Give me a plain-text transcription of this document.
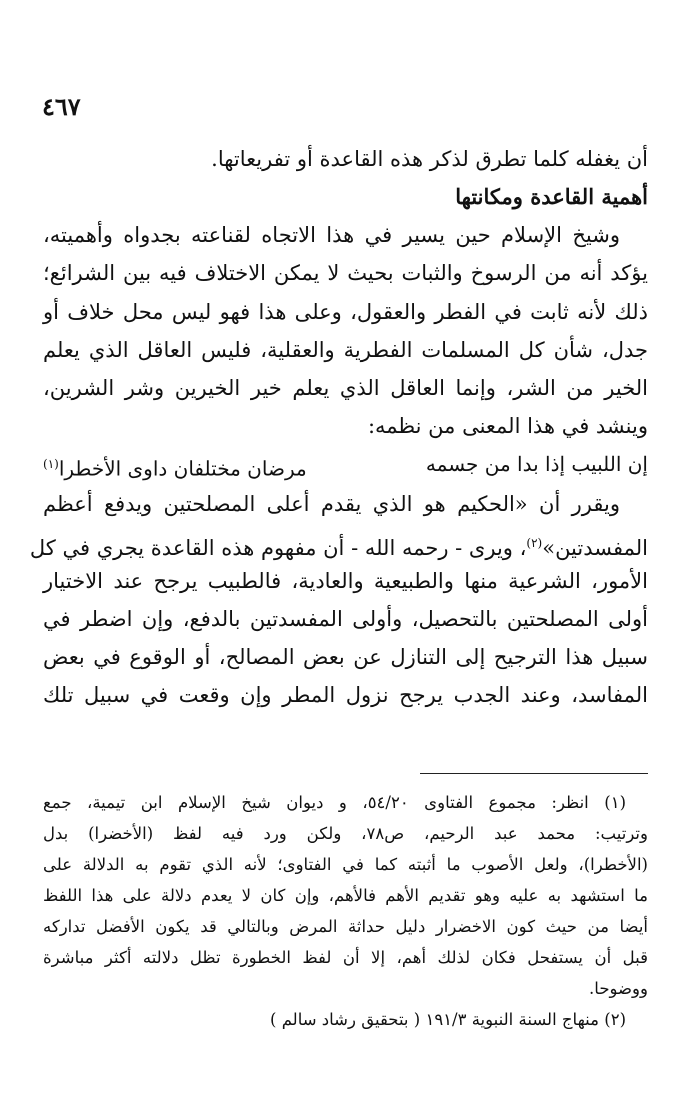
٤٦٧
أن يغفله كلما تطرق لذكر هذه القاعدة أو تفريعاتها.
أهمية القاعدة ومكانتها
وشيخ الإسلام حين يسير في هذا الاتجاه لقناعته بجدواه وأهميته،
يؤكد أنه من الرسوخ والثبات بحيث لا يمكن الاختلاف فيه بين الشرائع؛
ذلك لأنه ثابت في الفطر والعقول، وعلى هذا فهو ليس محل خلاف أو
جدل، شأن كل المسلمات الفطرية والعقلية، فليس العاقل الذي يعلم
الخير من الشر، وإنما العاقل الذي يعلم خير الخيرين وشر الشرين،
وينشد في هذا المعنى من نظمه:
إن اللبيب إذا بدا من جسمه
مرضان مختلفان داوى الأخطرا$^{(١)}$
ويقرر أن «الحكيم هو الذي يقدم أعلى المصلحتين ويدفع أعظم
المفسدتين»$^{(٢)}$، ويرى - رحمه الله - أن مفهوم هذه القاعدة يجري في كل
الأمور، الشرعية منها والطبيعية والعادية، فالطبيب يرجح عند الاختيار
أولى المصلحتين بالتحصيل، وأولى المفسدتين بالدفع، وإن اضطر في
سبيل هذا الترجيح إلى التنازل عن بعض المصالح، أو الوقوع في بعض
المفاسد، وعند الجدب يرجح نزول المطر وإن وقعت في سبيل تلك
(١) انظر: مجموع الفتاوى ٥٤/٢٠، و ديوان شيخ الإسلام ابن تيمية، جمع
وترتيب: محمد عبد الرحيم، ص٧٨، ولكن ورد فيه لفظ (الأخضرا) بدل
(الأخطرا)، ولعل الأصوب ما أثبته كما في الفتاوى؛ لأنه الذي تقوم به الدلالة على
ما استشهد به عليه وهو تقديم الأهم فالأهم، وإن كان لا يعدم دلالة على هذا اللفظ
أيضا من حيث كون الاخضرار دليل حداثة المرض وبالتالي قد يكون الأفضل تداركه
قبل أن يستفحل فكان لذلك أهم، إلا أن لفظ الخطورة تظل دلالته أكثر مباشرة
ووضوحا.
(٢) منهاج السنة النبوية ١٩١/٣ ( بتحقيق رشاد سالم )
